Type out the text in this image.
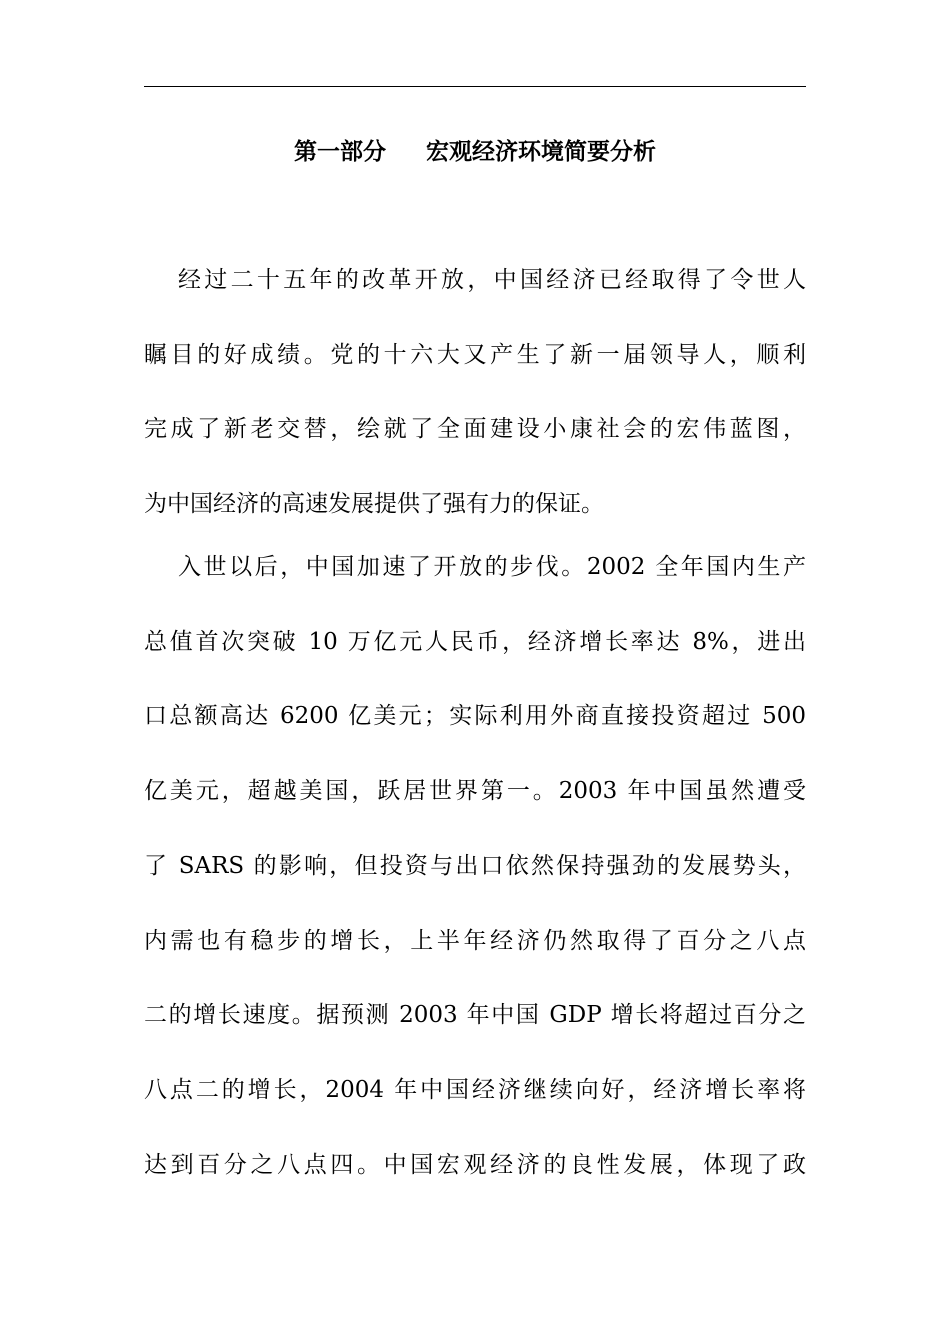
第一部分     宏观经济环境简要分析
经过二十五年的改革开放，中国经济已经取得了令世人
瞩目的好成绩。党的十六大又产生了新一届领导人，顺利
完成了新老交替，绘就了全面建设小康社会的宏伟蓝图，
为中国经济的高速发展提供了强有力的保证。
入世以后，中国加速了开放的步伐。2002 全年国内生产
总值首次突破 10 万亿元人民币，经济增长率达 8%，进出
口总额高达 6200 亿美元；实际利用外商直接投资超过 500
亿美元，超越美国，跃居世界第一。2003 年中国虽然遭受
了 SARS 的影响，但投资与出口依然保持强劲的发展势头，
内需也有稳步的增长，上半年经济仍然取得了百分之八点
二的增长速度。据预测 2003 年中国 GDP 增长将超过百分之
八点二的增长，2004 年中国经济继续向好，经济增长率将
达到百分之八点四。中国宏观经济的良性发展，体现了政
